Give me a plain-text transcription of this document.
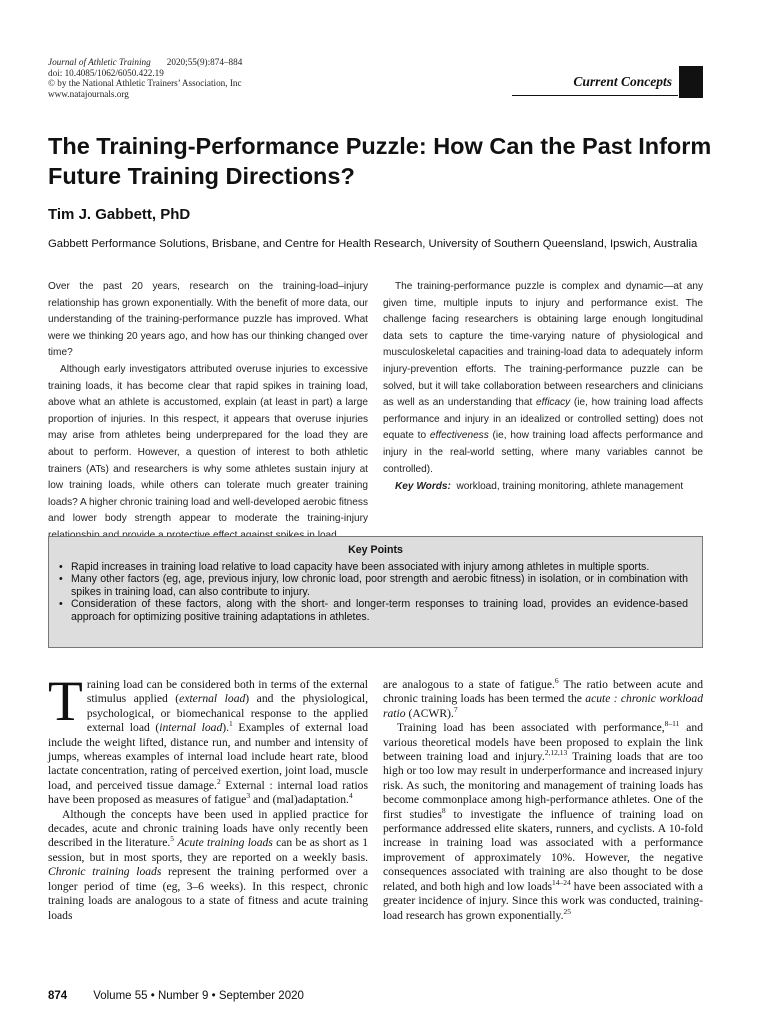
Journal of Athletic Training 2020;55(9):874–884
doi: 10.4085/1062/6050.422.19
© by the National Athletic Trainers’ Association, Inc
www.natajournals.org
Current Concepts
The Training-Performance Puzzle: How Can the Past Inform Future Training Directions?
Tim J. Gabbett, PhD
Gabbett Performance Solutions, Brisbane, and Centre for Health Research, University of Southern Queensland, Ipswich, Australia

Over the past 20 years, research on the training-load–injury relationship has grown exponentially. With the benefit of more data, our understanding of the training-performance puzzle has improved. What were we thinking 20 years ago, and how has our thinking changed over time?

Although early investigators attributed overuse injuries to excessive training loads, it has become clear that rapid spikes in training load, above what an athlete is accustomed, explain (at least in part) a large proportion of injuries. In this respect, it appears that overuse injuries may arise from athletes being underprepared for the load they are about to perform. However, a question of interest to both athletic trainers (ATs) and researchers is why some athletes sustain injury at low training loads, while others can tolerate much greater training loads? A higher chronic training load and well-developed aerobic fitness and lower body strength appear to moderate the training-injury

The training-performance puzzle is complex and dynamic—at any given time, multiple inputs to injury and performance exist. The challenge facing researchers is obtaining large enough longitudinal data sets to capture the time-varying nature of physiological and musculoskeletal capacities and training-load data to adequately inform injury-prevention efforts. The training-performance puzzle can be solved, but it will take collaboration between researchers and clinicians as well as an understanding that efficacy (ie, how training load affects performance and injury in an idealized or controlled setting) does not equate to effectiveness (ie, how training load affects performance and injury in the real-world setting, where many variables cannot be controlled).

Key Words: workload, training monitoring, athlete management

Key Points
• Rapid increases in training load relative to load capacity have been associated with injury among athletes in multiple sports.
• Many other factors (eg, age, previous injury, low chronic load, poor strength and aerobic fitness) in isolation, or in combination with spikes in training load, can also contribute to injury.
• Consideration of these factors, along with the short- and longer-term responses to training load, provides an evidence-based approach for optimizing positive training adaptations in athletes.

Training load can be considered both in terms of the external stimulus applied (external load) and the physiological, psychological, or biomechanical response to the applied external load (internal load).$^1$ Examples of external load include the weight lifted, distance run, and number and intensity of jumps, whereas examples of internal load include heart rate, blood lactate concentration, rating of perceived exertion, joint load, muscle load, and perceived tissue damage.$^2$ External : internal load ratios have been proposed as measures of fatigue$^3$ and (mal)adaptation.$^4$

Although the concepts have been used in applied practice for decades, acute and chronic training loads have only recently been described in the literature.$^5$ Acute training loads can be as short as 1 session, but in most sports, they are reported on a weekly basis. Chronic training loads represent the training performed over a longer period of time (eg, 3–6 weeks). In this respect, chronic training loads are analogous to a state of fitness and acute training loads

are analogous to a state of fatigue.$^6$ The ratio between acute and chronic training loads has been termed the acute : chronic workload ratio (ACWR).$^7$

Training load has been associated with performance,$^{8-11}$ and various theoretical models have been proposed to explain the link between training load and injury.$^{2,12,13}$ Training loads that are too high or too low may result in underperformance and increased injury risk. As such, the monitoring and management of training loads has become commonplace among high-performance athletes. One of the first studies$^8$ to investigate the influence of training load on performance addressed elite skaters, runners, and cyclists. A 10-fold increase in training load was associated with a performance improvement of approximately 10%. However, the negative consequences associated with training are also thought to be dose related, and both high and low loads$^{14-24}$ have been associated with a greater incidence of injury. Since this work was conducted, training-load research has grown exponentially.$^{25}$

874 Volume 55 • Number 9 • September 2020
